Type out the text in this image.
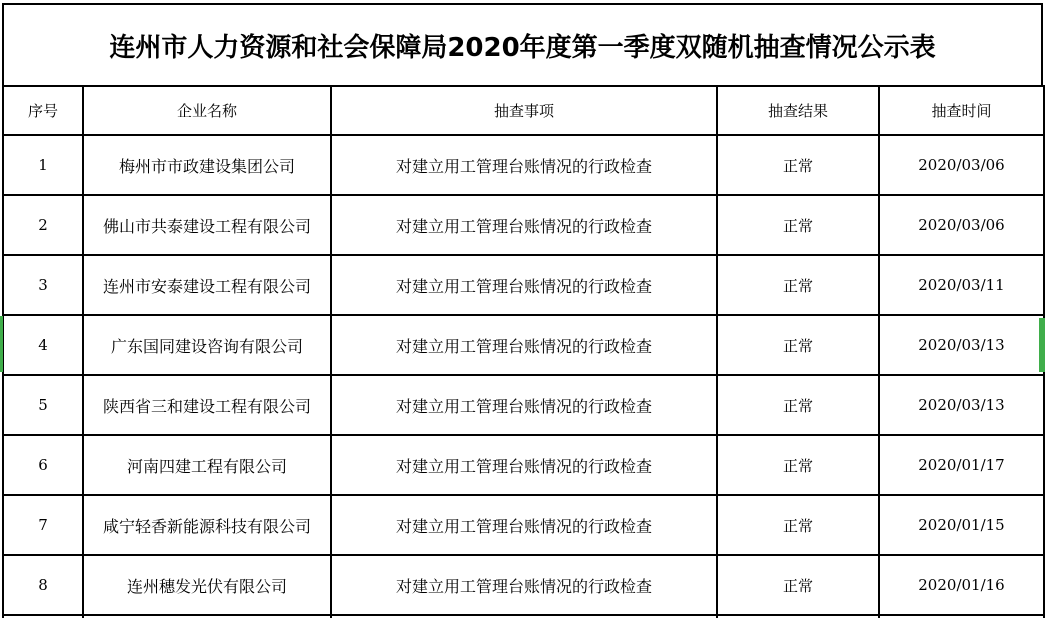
连州市人力资源和社会保障局2020年度第一季度双随机抽查情况公示表
序号	企业名称	抽查事项	抽查结果	抽查时间
1	梅州市市政建设集团公司	对建立用工管理台账情况的行政检查	正常	2020/03/06
2	佛山市共泰建设工程有限公司	对建立用工管理台账情况的行政检查	正常	2020/03/06
3	连州市安泰建设工程有限公司	对建立用工管理台账情况的行政检查	正常	2020/03/11
4	广东国同建设咨询有限公司	对建立用工管理台账情况的行政检查	正常	2020/03/13
5	陕西省三和建设工程有限公司	对建立用工管理台账情况的行政检查	正常	2020/03/13
6	河南四建工程有限公司	对建立用工管理台账情况的行政检查	正常	2020/01/17
7	咸宁轻香新能源科技有限公司	对建立用工管理台账情况的行政检查	正常	2020/01/15
8	连州穗发光伏有限公司	对建立用工管理台账情况的行政检查	正常	2020/01/16
